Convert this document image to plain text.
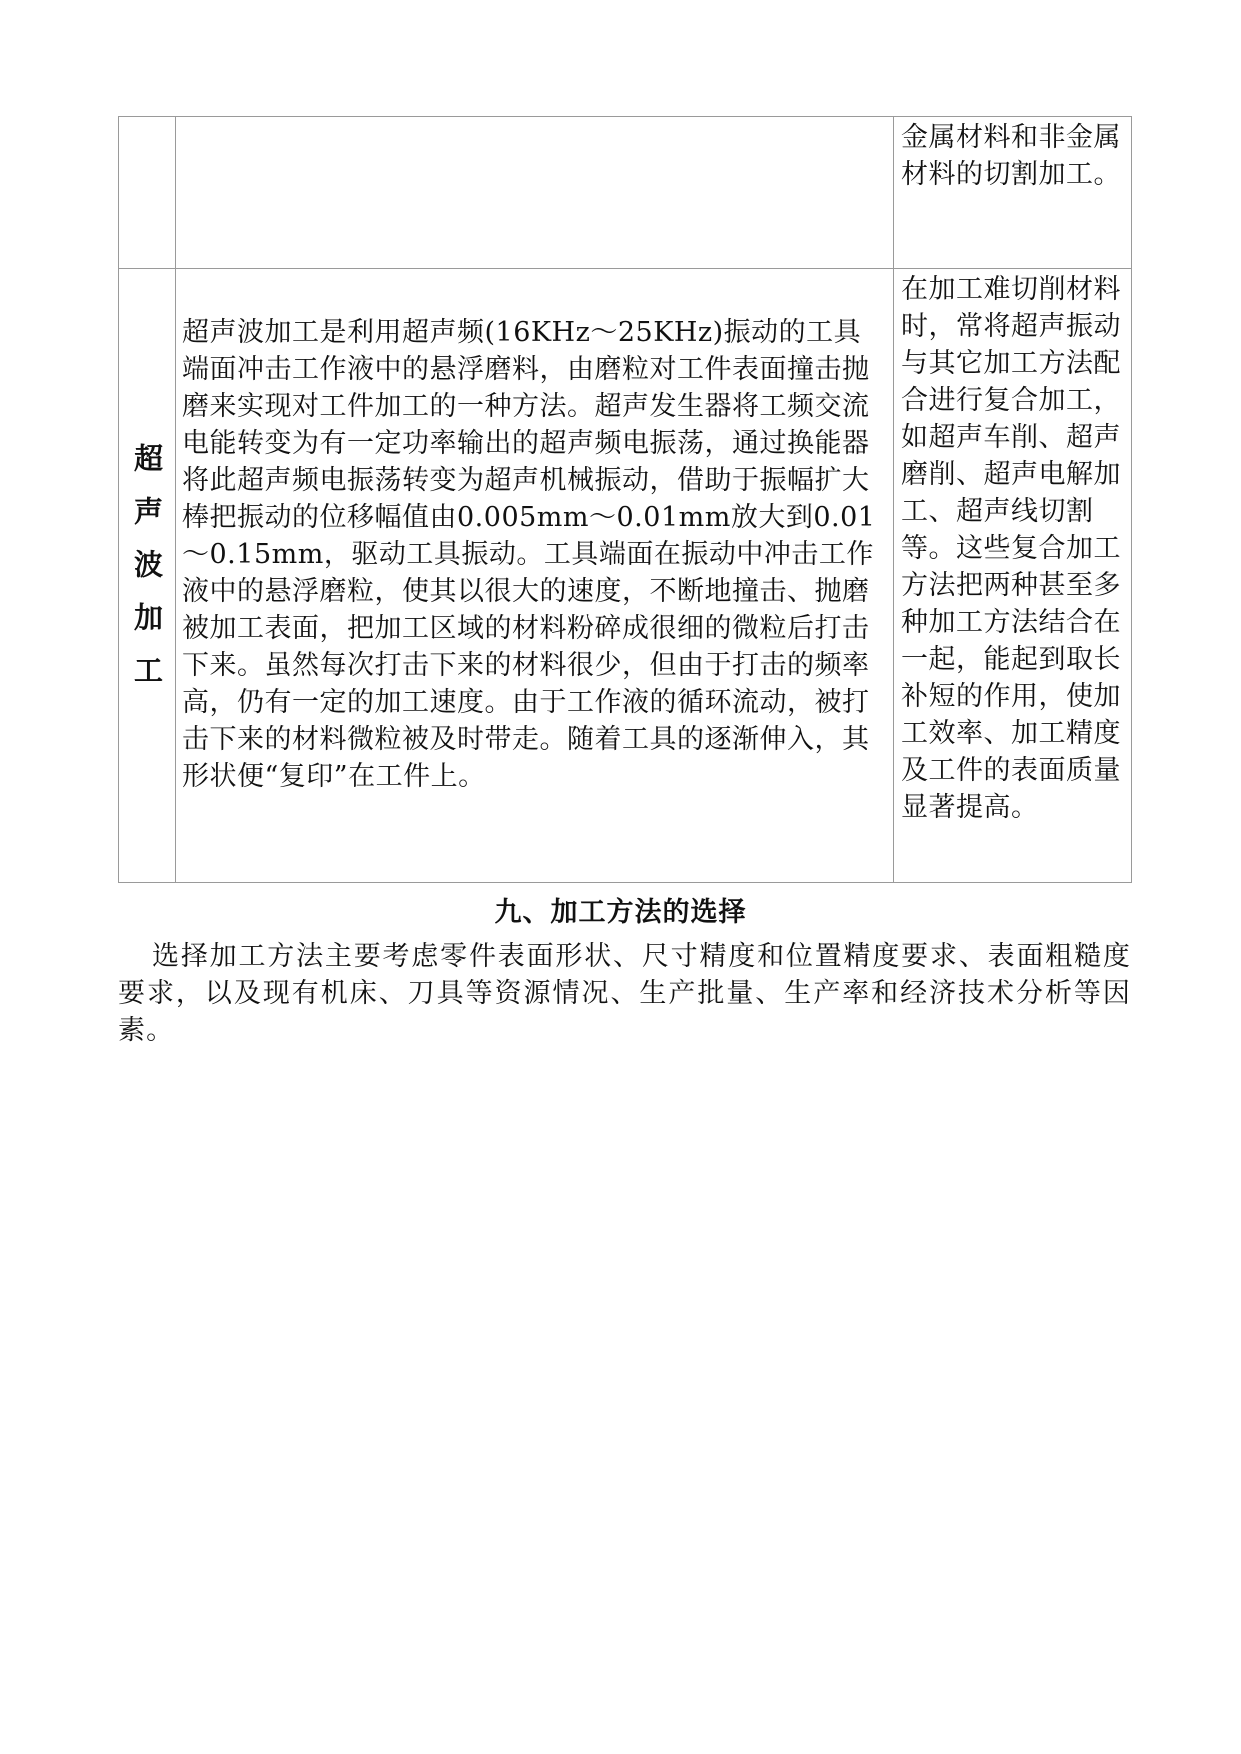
		金属材料和非金属材料的切割加工。

超声波加工	超声波加工是利用超声频(16KHz～25KHz)振动的工具端面冲击工作液中的悬浮磨料，由磨粒对工件表面撞击抛磨来实现对工件加工的一种方法。超声发生器将工频交流电能转变为有一定功率输出的超声频电振荡，通过换能器将此超声频电振荡转变为超声机械振动，借助于振幅扩大棒把振动的位移幅值由0.005mm～0.01mm放大到0.01～0.15mm，驱动工具振动。工具端面在振动中冲击工作液中的悬浮磨粒，使其以很大的速度，不断地撞击、抛磨被加工表面，把加工区域的材料粉碎成很细的微粒后打击下来。虽然每次打击下来的材料很少，但由于打击的频率高，仍有一定的加工速度。由于工作液的循环流动，被打击下来的材料微粒被及时带走。随着工具的逐渐伸入，其形状便“复印”在工件上。	在加工难切削材料时，常将超声振动与其它加工方法配合进行复合加工，如超声车削、超声磨削、超声电解加工、超声线切割等。这些复合加工方法把两种甚至多种加工方法结合在一起，能起到取长补短的作用，使加工效率、加工精度及工件的表面质量显著提高。
九、加工方法的选择
选择加工方法主要考虑零件表面形状、尺寸精度和位置精度要求、表面粗糙度要求，以及现有机床、刀具等资源情况、生产批量、生产率和经济技术分析等因素。
